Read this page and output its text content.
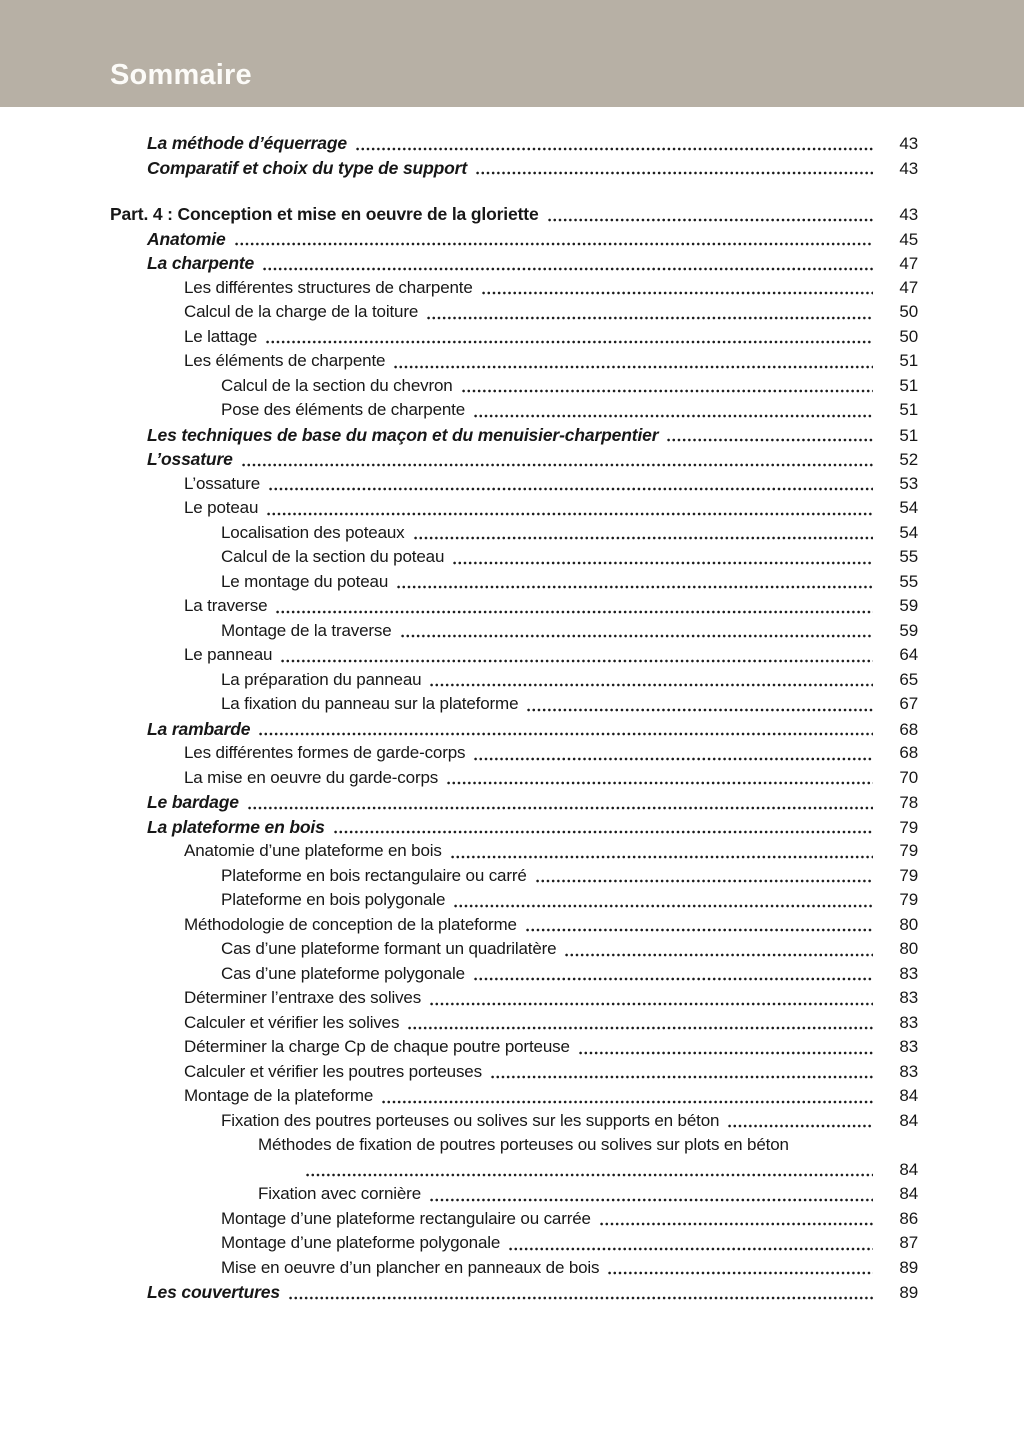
Sommaire
La méthode d’équerrage	43
Comparatif et choix du type de support	43
Part. 4 : Conception et mise en oeuvre de la gloriette	43
Anatomie	45
La charpente	47
Les différentes structures de charpente	47
Calcul de la charge de la toiture	50
Le lattage	50
Les éléments de charpente	51
Calcul de la section du chevron	51
Pose des éléments de charpente	51
Les techniques de base du maçon et du menuisier-charpentier	51
L’ossature	52
L’ossature	53
Le poteau	54
Localisation des poteaux	54
Calcul de la section du poteau	55
Le montage du poteau	55
La traverse	59
Montage de la traverse	59
Le panneau	64
La préparation du panneau	65
La fixation du panneau sur la plateforme	67
La rambarde	68
Les différentes formes de garde-corps	68
La mise en oeuvre du garde-corps	70
Le bardage	78
La plateforme en bois	79
Anatomie d’une plateforme en bois	79
Plateforme en bois rectangulaire ou carré	79
Plateforme en bois polygonale	79
Méthodologie de conception de la plateforme	80
Cas d’une plateforme formant un quadrilatère	80
Cas d’une plateforme polygonale	83
Déterminer l’entraxe des solives	83
Calculer et vérifier les solives	83
Déterminer la charge Cp de chaque poutre porteuse	83
Calculer et vérifier les poutres porteuses	83
Montage de la plateforme	84
Fixation des poutres porteuses ou solives sur les supports en béton	84
Méthodes de fixation de poutres porteuses ou solives sur plots en béton
84
Fixation avec cornière	84
Montage d’une plateforme rectangulaire ou carrée	86
Montage d’une plateforme polygonale	87
Mise en oeuvre d’un plancher en panneaux de bois	89
Les couvertures	89
